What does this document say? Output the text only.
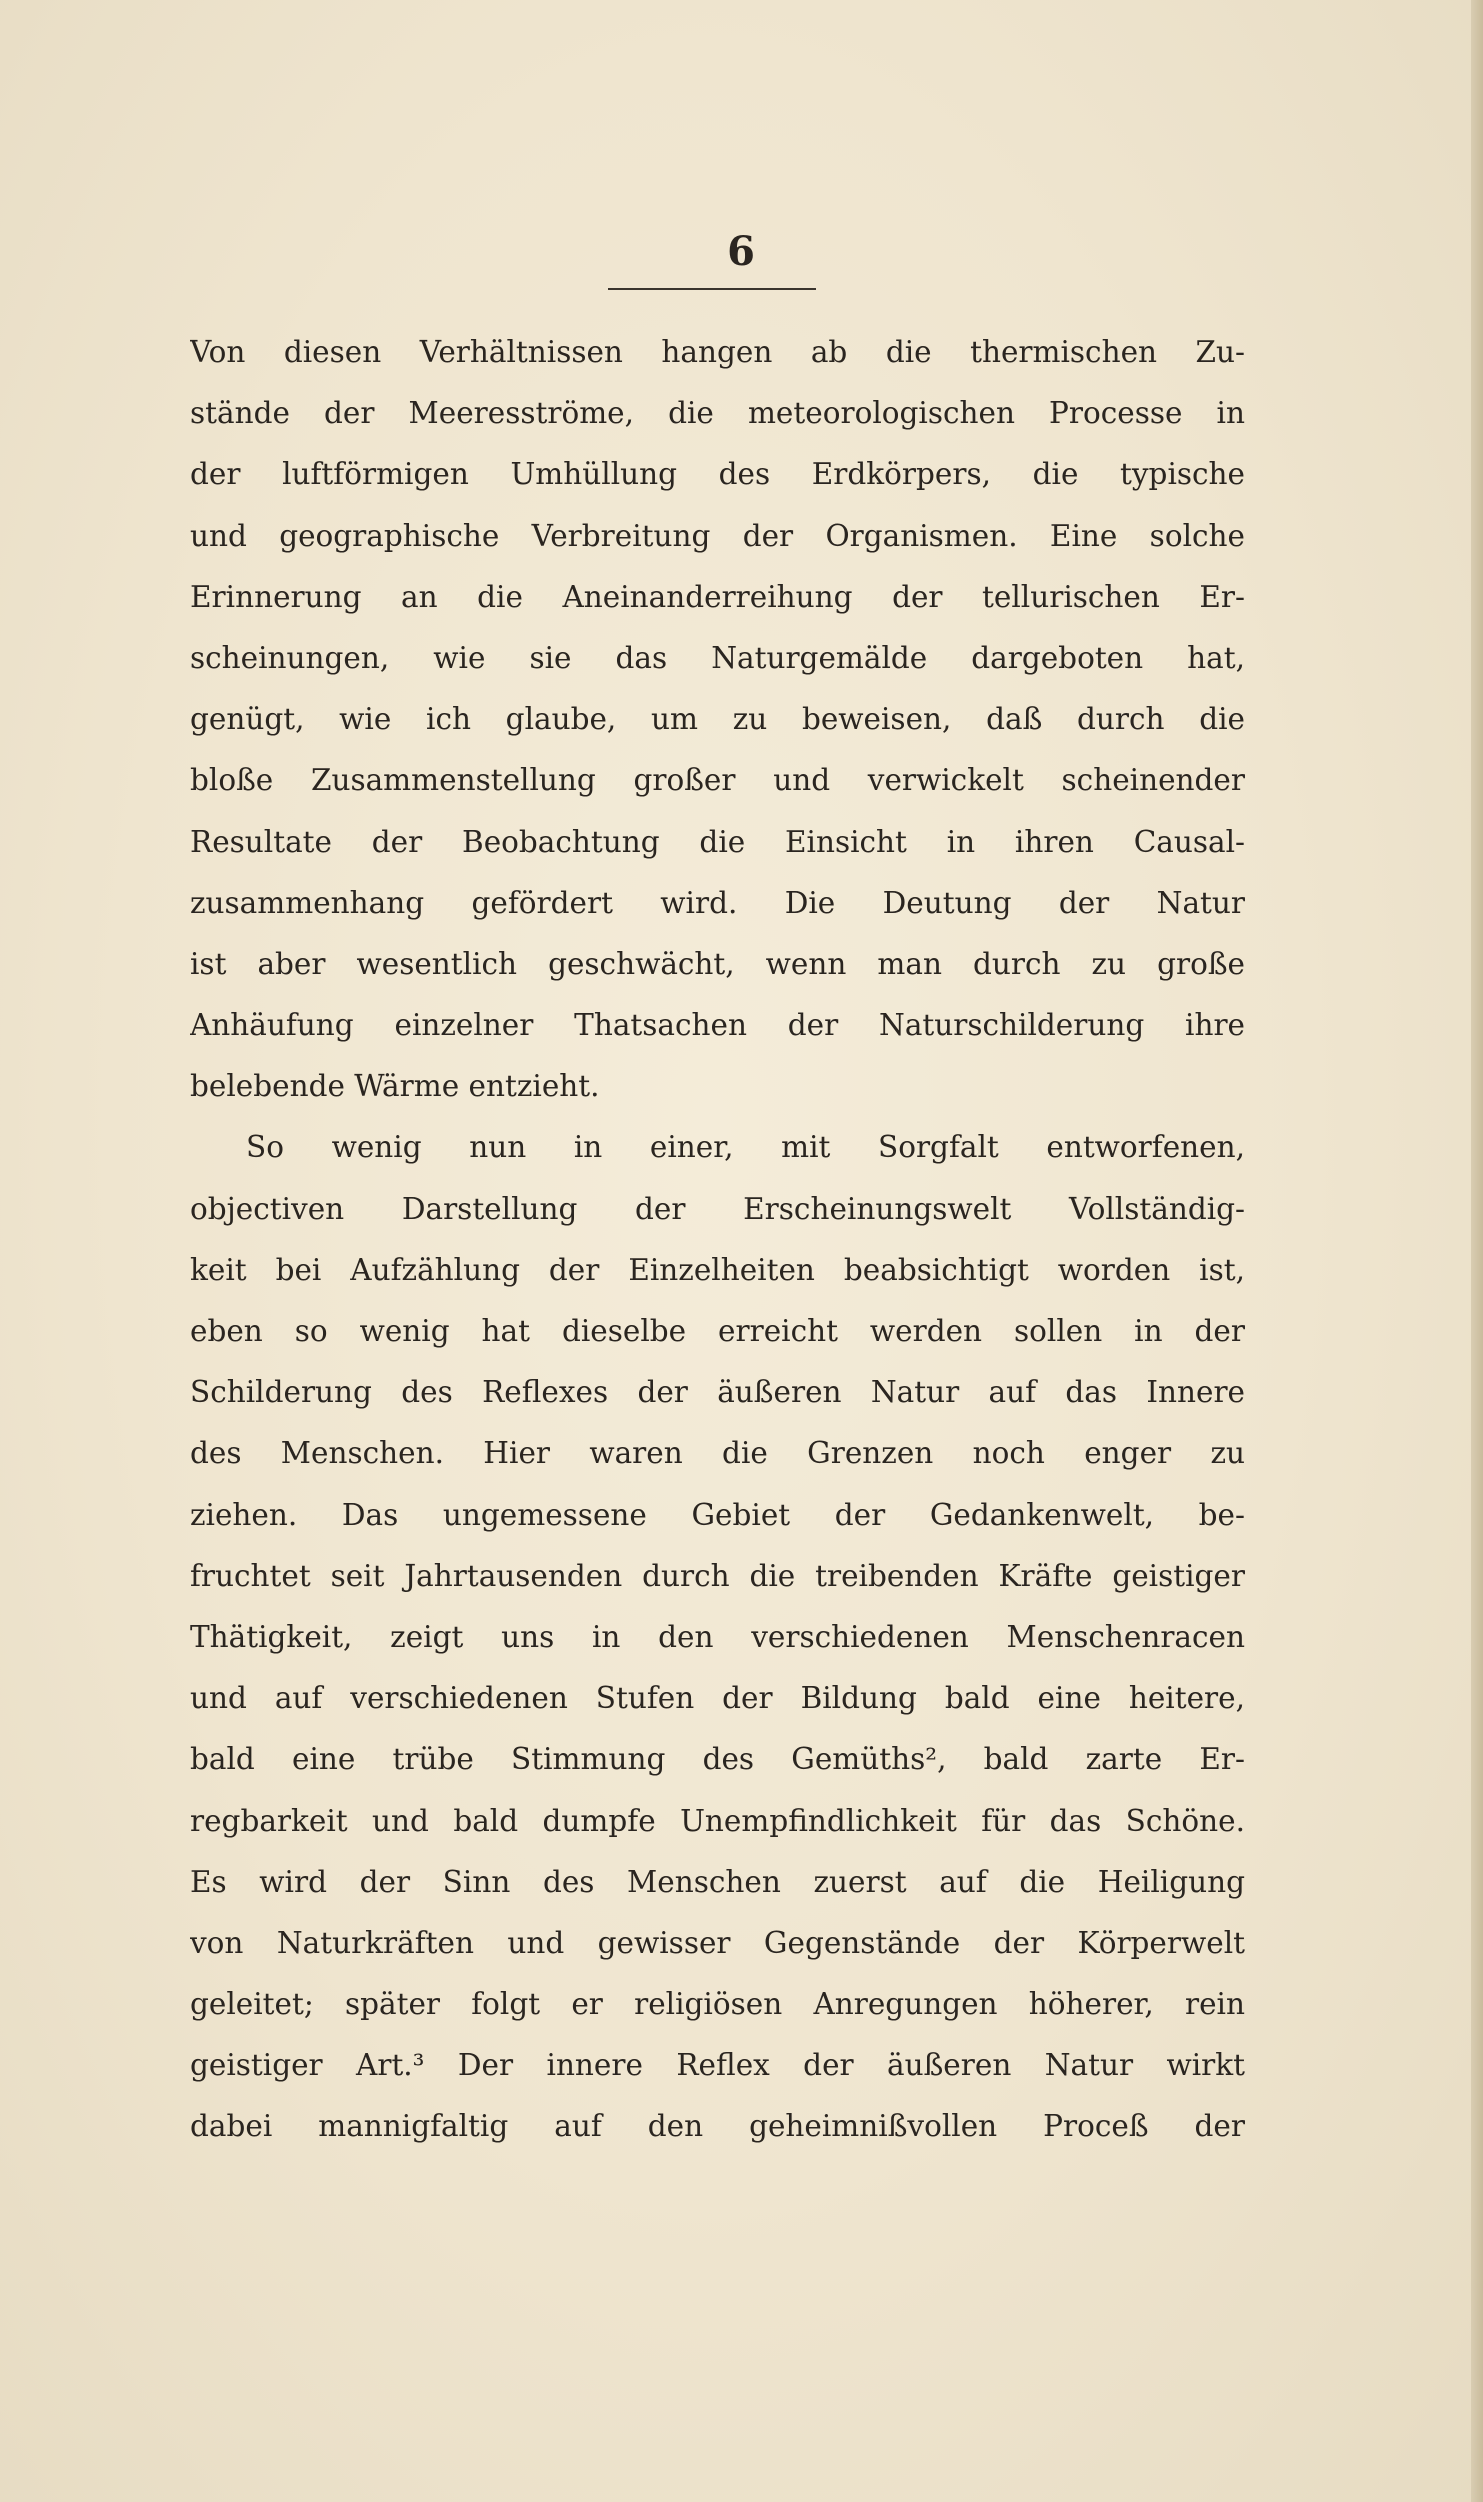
6
Von diesen Verhältnissen hangen ab die thermischen Zu-
stände der Meeresströme, die meteorologischen Processe in
der luftförmigen Umhüllung des Erdkörpers, die typische
und geographische Verbreitung der Organismen. Eine solche
Erinnerung an die Aneinanderreihung der tellurischen Er-
scheinungen, wie sie das Naturgemälde dargeboten hat,
genügt, wie ich glaube, um zu beweisen, daß durch die
bloße Zusammenstellung großer und verwickelt scheinender
Resultate der Beobachtung die Einsicht in ihren Causal-
zusammenhang gefördert wird. Die Deutung der Natur
ist aber wesentlich geschwächt, wenn man durch zu große
Anhäufung einzelner Thatsachen der Naturschilderung ihre
belebende Wärme entzieht.
So wenig nun in einer, mit Sorgfalt entworfenen,
objectiven Darstellung der Erscheinungswelt Vollständig-
keit bei Aufzählung der Einzelheiten beabsichtigt worden ist,
eben so wenig hat dieselbe erreicht werden sollen in der
Schilderung des Reflexes der äußeren Natur auf das Innere
des Menschen. Hier waren die Grenzen noch enger zu
ziehen. Das ungemessene Gebiet der Gedankenwelt, be-
fruchtet seit Jahrtausenden durch die treibenden Kräfte geistiger
Thätigkeit, zeigt uns in den verschiedenen Menschenracen
und auf verschiedenen Stufen der Bildung bald eine heitere,
bald eine trübe Stimmung des Gemüths², bald zarte Er-
regbarkeit und bald dumpfe Unempfindlichkeit für das Schöne.
Es wird der Sinn des Menschen zuerst auf die Heiligung
von Naturkräften und gewisser Gegenstände der Körperwelt
geleitet; später folgt er religiösen Anregungen höherer, rein
geistiger Art.³ Der innere Reflex der äußeren Natur wirkt
dabei mannigfaltig auf den geheimnißvollen Proceß der
